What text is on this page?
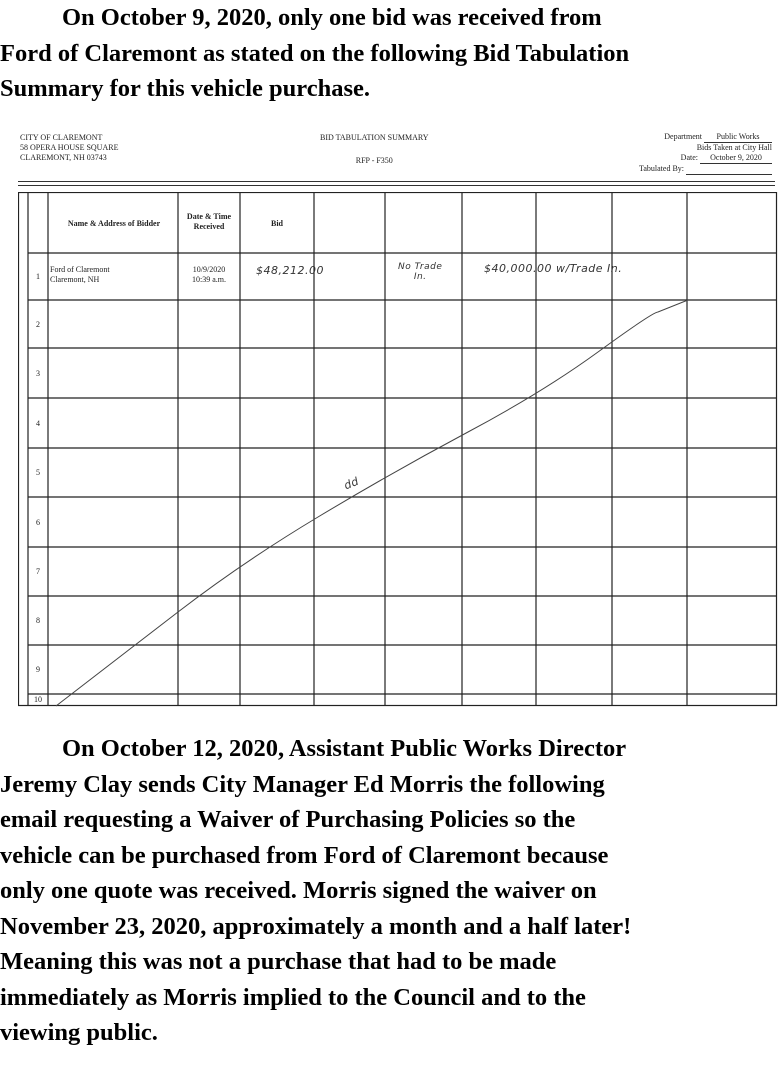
On October 9, 2020, only one bid was received from
Ford of Claremont as stated on the following Bid Tabulation
Summary for this vehicle purchase.
CITY OF CLAREMONT
58 OPERA HOUSE SQUARE
CLAREMONT, NH 03743
BID TABULATION SUMMARY
RFP - F350
Department Public Works
Bids Taken at City Hall
Date: October 9, 2020
Tabulated By:
Name & Address of Bidder
Date & Time
Received	Bid
1
Ford of Claremont
Claremont, NH
10/9/2020
10:39 a.m.
$48,212.00	No Trade
In.
$40,000.00 w/Trade In.
2
3
4
5
6
7
8
9
10
dd
On October 12, 2020, Assistant Public Works Director
Jeremy Clay sends City Manager Ed Morris the following
email requesting a Waiver of Purchasing Policies so the
vehicle can be purchased from Ford of Claremont because
only one quote was received. Morris signed the waiver on
November 23, 2020, approximately a month and a half later!
Meaning this was not a purchase that had to be made
immediately as Morris implied to the Council and to the
viewing public.
